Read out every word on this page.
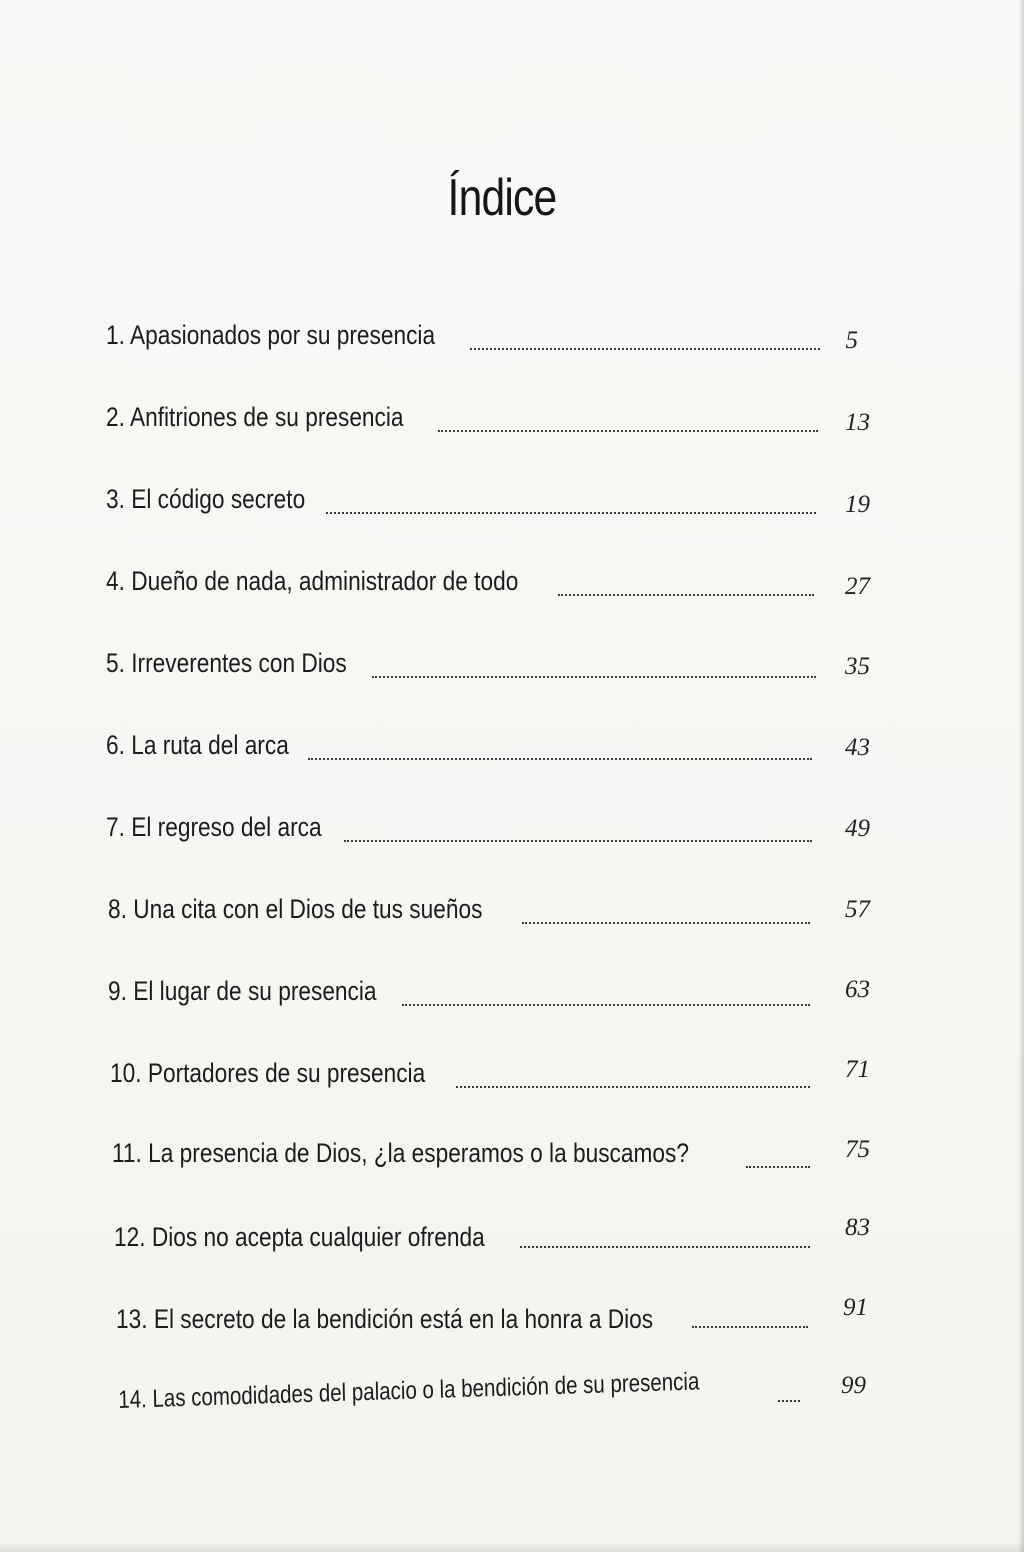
Índice
1. Apasionados por su presencia	5
2. Anfitriones de su presencia	13
3. El código secreto	19
4. Dueño de nada, administrador de todo	27
5. Irreverentes con Dios	35
6. La ruta del arca	43
7. El regreso del arca	49
8. Una cita con el Dios de tus sueños	57
9. El lugar de su presencia	63
10. Portadores de su presencia	71
11. La presencia de Dios, ¿la esperamos o la buscamos?	75
12. Dios no acepta cualquier ofrenda	83
13. El secreto de la bendición está en la honra a Dios	91
14. Las comodidades del palacio o la bendición de su presencia	99
